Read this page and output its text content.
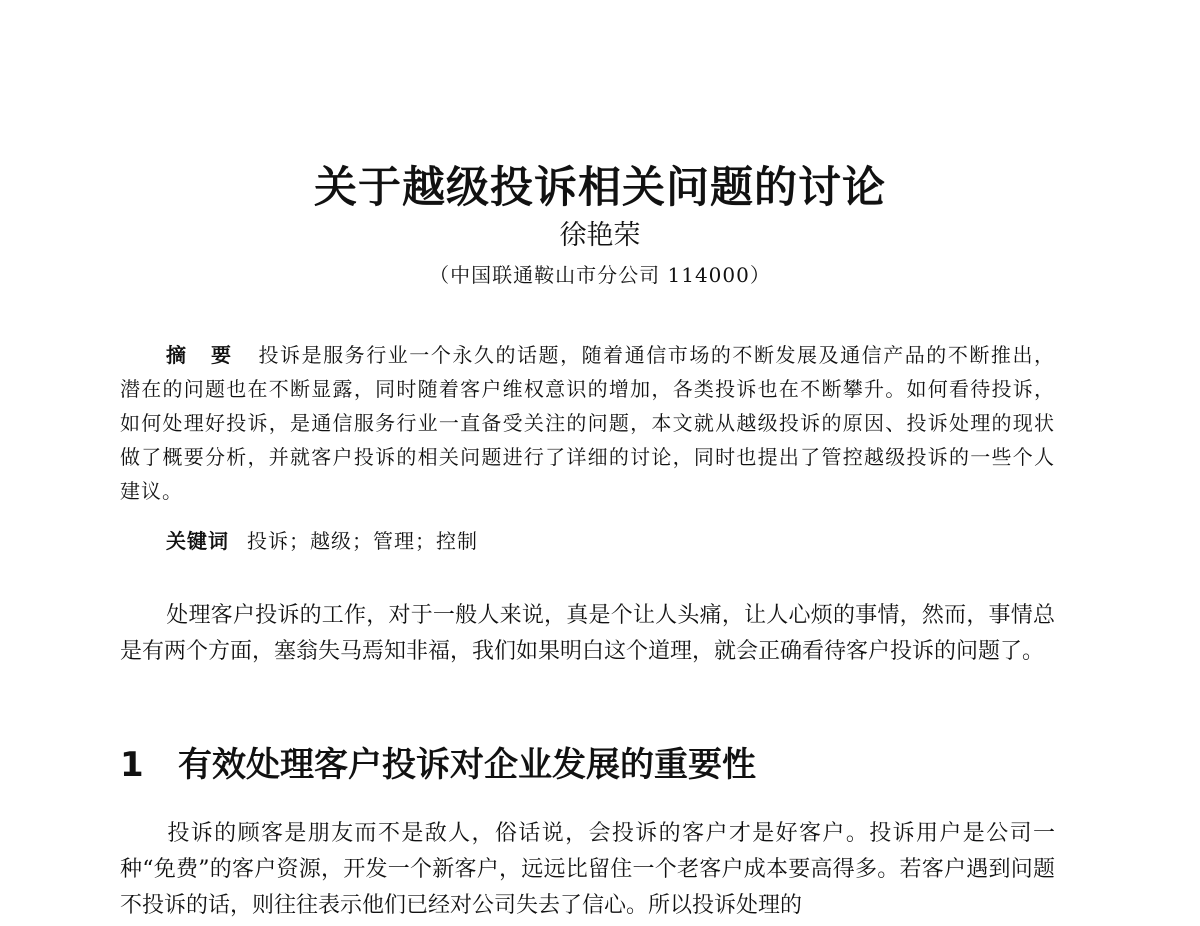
关于越级投诉相关问题的讨论
徐艳荣
（中国联通鞍山市分公司 114000）
摘 要 投诉是服务行业一个永久的话题，随着通信市场的不断发展及通信产品的不断推出，潜在的问题也在不断显露，同时随着客户维权意识的增加，各类投诉也在不断攀升。如何看待投诉，如何处理好投诉，是通信服务行业一直备受关注的问题，本文就从越级投诉的原因、投诉处理的现状做了概要分析，并就客户投诉的相关问题进行了详细的讨论，同时也提出了管控越级投诉的一些个人建议。
关键词 投诉；越级；管理；控制
处理客户投诉的工作，对于一般人来说，真是个让人头痛，让人心烦的事情，然而，事情总是有两个方面，塞翁失马焉知非福，我们如果明白这个道理，就会正确看待客户投诉的问题了。
1 有效处理客户投诉对企业发展的重要性
投诉的顾客是朋友而不是敌人，俗话说，会投诉的客户才是好客户。投诉用户是公司一种“免费”的客户资源，开发一个新客户，远远比留住一个老客户成本要高得多。若客户遇到问题不投诉的话，则往往表示他们已经对公司失去了信心。所以投诉处理的
